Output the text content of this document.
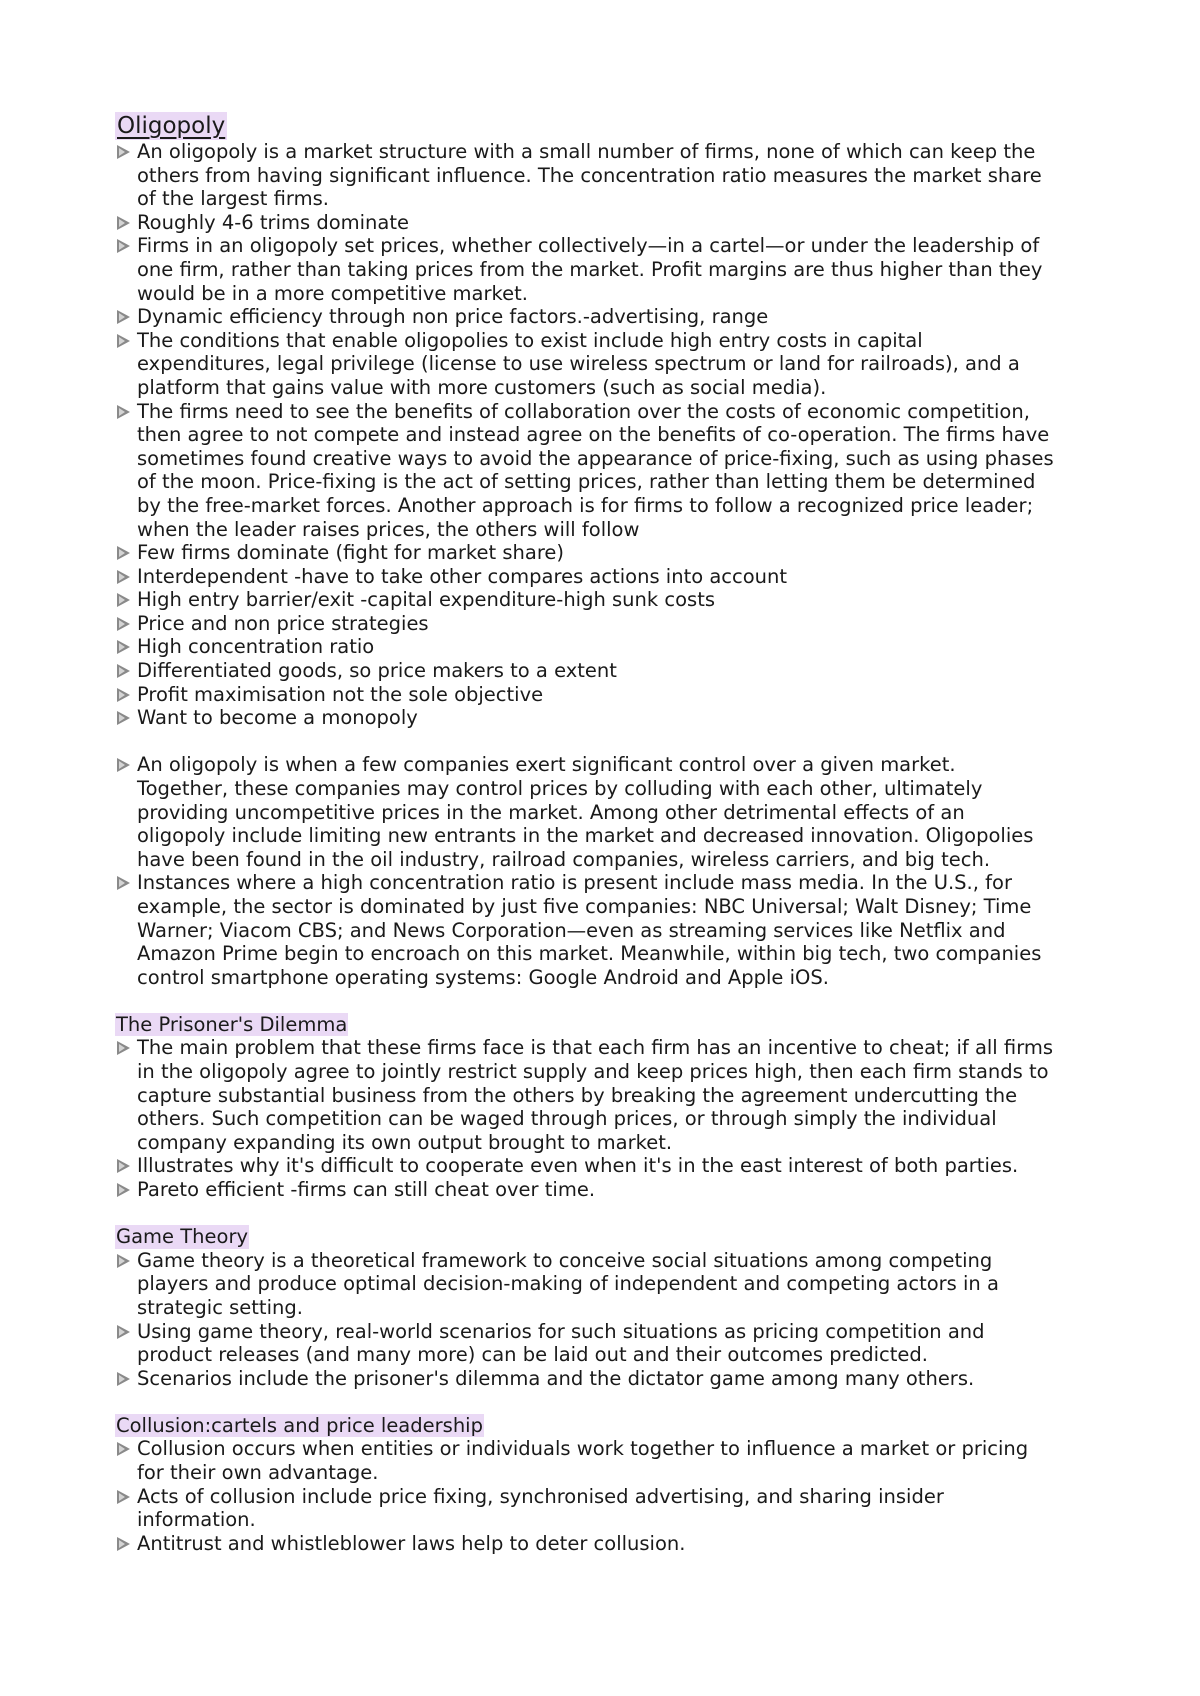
Oligopoly
An oligopoly is a market structure with a small number of firms, none of which can keep the
others from having significant influence. The concentration ratio measures the market share
of the largest firms.
Roughly 4-6 trims dominate
Firms in an oligopoly set prices, whether collectively—in a cartel—or under the leadership of
one firm, rather than taking prices from the market. Profit margins are thus higher than they
would be in a more competitive market.
Dynamic efficiency through non price factors.-advertising, range
The conditions that enable oligopolies to exist include high entry costs in capital
expenditures, legal privilege (license to use wireless spectrum or land for railroads), and a
platform that gains value with more customers (such as social media).
The firms need to see the benefits of collaboration over the costs of economic competition,
then agree to not compete and instead agree on the benefits of co-operation. The firms have
sometimes found creative ways to avoid the appearance of price-fixing, such as using phases
of the moon. Price-fixing is the act of setting prices, rather than letting them be determined
by the free-market forces. Another approach is for firms to follow a recognized price leader;
when the leader raises prices, the others will follow
Few firms dominate (fight for market share)
Interdependent -have to take other compares actions into account
High entry barrier/exit -capital expenditure-high sunk costs
Price and non price strategies
High concentration ratio
Differentiated goods, so price makers to a extent
Profit maximisation not the sole objective
Want to become a monopoly
An oligopoly is when a few companies exert significant control over a given market.
Together, these companies may control prices by colluding with each other, ultimately
providing uncompetitive prices in the market. Among other detrimental effects of an
oligopoly include limiting new entrants in the market and decreased innovation. Oligopolies
have been found in the oil industry, railroad companies, wireless carriers, and big tech.
Instances where a high concentration ratio is present include mass media. In the U.S., for
example, the sector is dominated by just five companies: NBC Universal; Walt Disney; Time
Warner; Viacom CBS; and News Corporation—even as streaming services like Netflix and
Amazon Prime begin to encroach on this market. Meanwhile, within big tech, two companies
control smartphone operating systems: Google Android and Apple iOS.
The Prisoner's Dilemma
The main problem that these firms face is that each firm has an incentive to cheat; if all firms
in the oligopoly agree to jointly restrict supply and keep prices high, then each firm stands to
capture substantial business from the others by breaking the agreement undercutting the
others. Such competition can be waged through prices, or through simply the individual
company expanding its own output brought to market.
Illustrates why it's difficult to cooperate even when it's in the east interest of both parties.
Pareto efficient -firms can still cheat over time.
Game Theory
Game theory is a theoretical framework to conceive social situations among competing
players and produce optimal decision-making of independent and competing actors in a
strategic setting.
Using game theory, real-world scenarios for such situations as pricing competition and
product releases (and many more) can be laid out and their outcomes predicted.
Scenarios include the prisoner's dilemma and the dictator game among many others.
Collusion:cartels and price leadership
Collusion occurs when entities or individuals work together to influence a market or pricing
for their own advantage.
Acts of collusion include price fixing, synchronised advertising, and sharing insider
information.
Antitrust and whistleblower laws help to deter collusion.
